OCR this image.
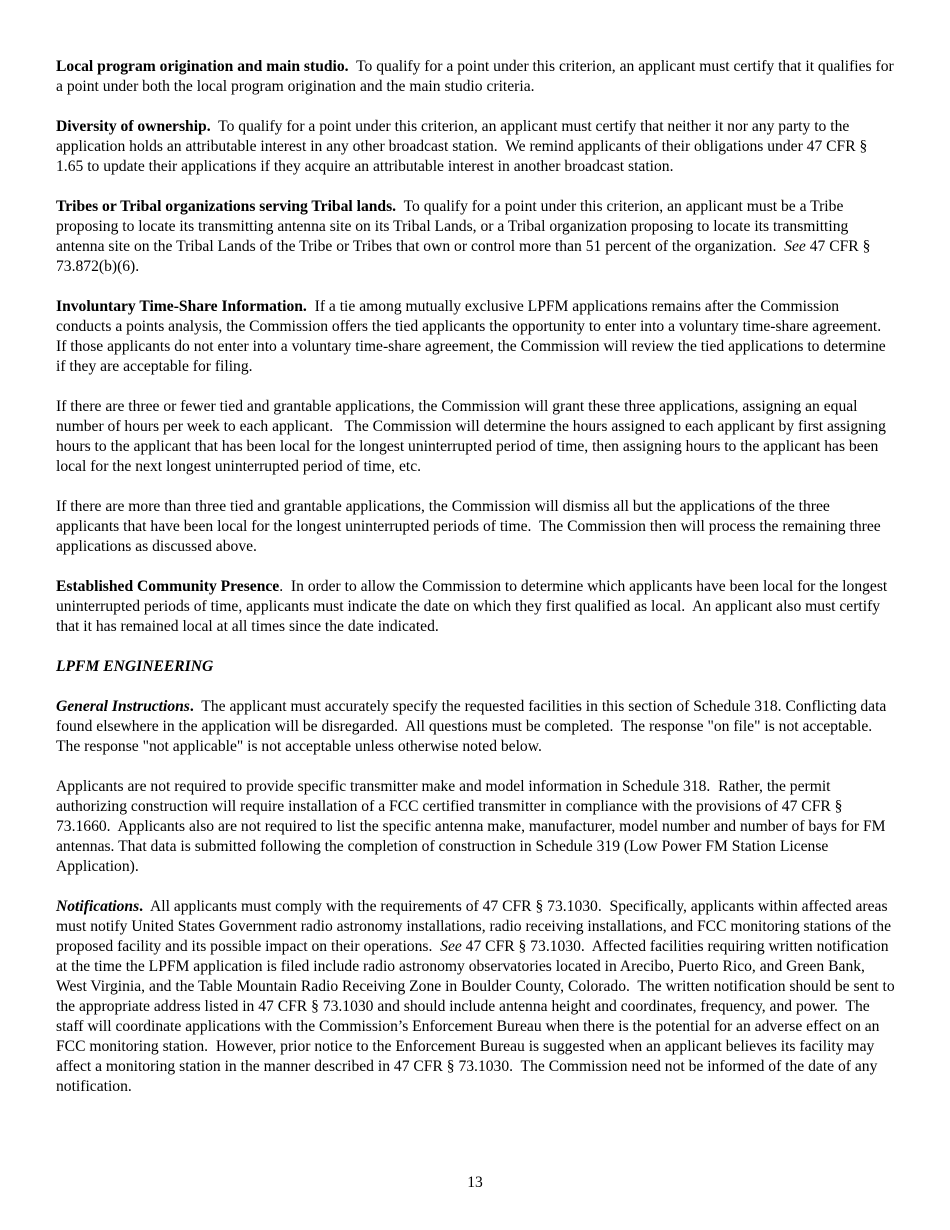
Local program origination and main studio.  To qualify for a point under this criterion, an applicant must certify that it qualifies for a point under both the local program origination and the main studio criteria.

Diversity of ownership.  To qualify for a point under this criterion, an applicant must certify that neither it nor any party to the application holds an attributable interest in any other broadcast station.  We remind applicants of their obligations under 47 CFR § 1.65 to update their applications if they acquire an attributable interest in another broadcast station.

Tribes or Tribal organizations serving Tribal lands.  To qualify for a point under this criterion, an applicant must be a Tribe proposing to locate its transmitting antenna site on its Tribal Lands, or a Tribal organization proposing to locate its transmitting antenna site on the Tribal Lands of the Tribe or Tribes that own or control more than 51 percent of the organization.  See 47 CFR § 73.872(b)(6).

Involuntary Time-Share Information.  If a tie among mutually exclusive LPFM applications remains after the Commission conducts a points analysis, the Commission offers the tied applicants the opportunity to enter into a voluntary time-share agreement.  If those applicants do not enter into a voluntary time-share agreement, the Commission will review the tied applications to determine if they are acceptable for filing.

If there are three or fewer tied and grantable applications, the Commission will grant these three applications, assigning an equal number of hours per week to each applicant.   The Commission will determine the hours assigned to each applicant by first assigning hours to the applicant that has been local for the longest uninterrupted period of time, then assigning hours to the applicant has been local for the next longest uninterrupted period of time, etc.

If there are more than three tied and grantable applications, the Commission will dismiss all but the applications of the three applicants that have been local for the longest uninterrupted periods of time.  The Commission then will process the remaining three applications as discussed above.

Established Community Presence.  In order to allow the Commission to determine which applicants have been local for the longest uninterrupted periods of time, applicants must indicate the date on which they first qualified as local.  An applicant also must certify that it has remained local at all times since the date indicated.

LPFM ENGINEERING

General Instructions.  The applicant must accurately specify the requested facilities in this section of Schedule 318. Conflicting data found elsewhere in the application will be disregarded.  All questions must be completed.  The response "on file" is not acceptable.  The response "not applicable" is not acceptable unless otherwise noted below.

Applicants are not required to provide specific transmitter make and model information in Schedule 318.  Rather, the permit authorizing construction will require installation of a FCC certified transmitter in compliance with the provisions of 47 CFR § 73.1660.  Applicants also are not required to list the specific antenna make, manufacturer, model number and number of bays for FM antennas. That data is submitted following the completion of construction in Schedule 319 (Low Power FM Station License Application).

Notifications.  All applicants must comply with the requirements of 47 CFR § 73.1030.  Specifically, applicants within affected areas must notify United States Government radio astronomy installations, radio receiving installations, and FCC monitoring stations of the proposed facility and its possible impact on their operations.  See 47 CFR § 73.1030.  Affected facilities requiring written notification at the time the LPFM application is filed include radio astronomy observatories located in Arecibo, Puerto Rico, and Green Bank, West Virginia, and the Table Mountain Radio Receiving Zone in Boulder County, Colorado.  The written notification should be sent to the appropriate address listed in 47 CFR § 73.1030 and should include antenna height and coordinates, frequency, and power.  The staff will coordinate applications with the Commission’s Enforcement Bureau when there is the potential for an adverse effect on an FCC monitoring station.  However, prior notice to the Enforcement Bureau is suggested when an applicant believes its facility may affect a monitoring station in the manner described in 47 CFR § 73.1030.  The Commission need not be informed of the date of any notification.

13
